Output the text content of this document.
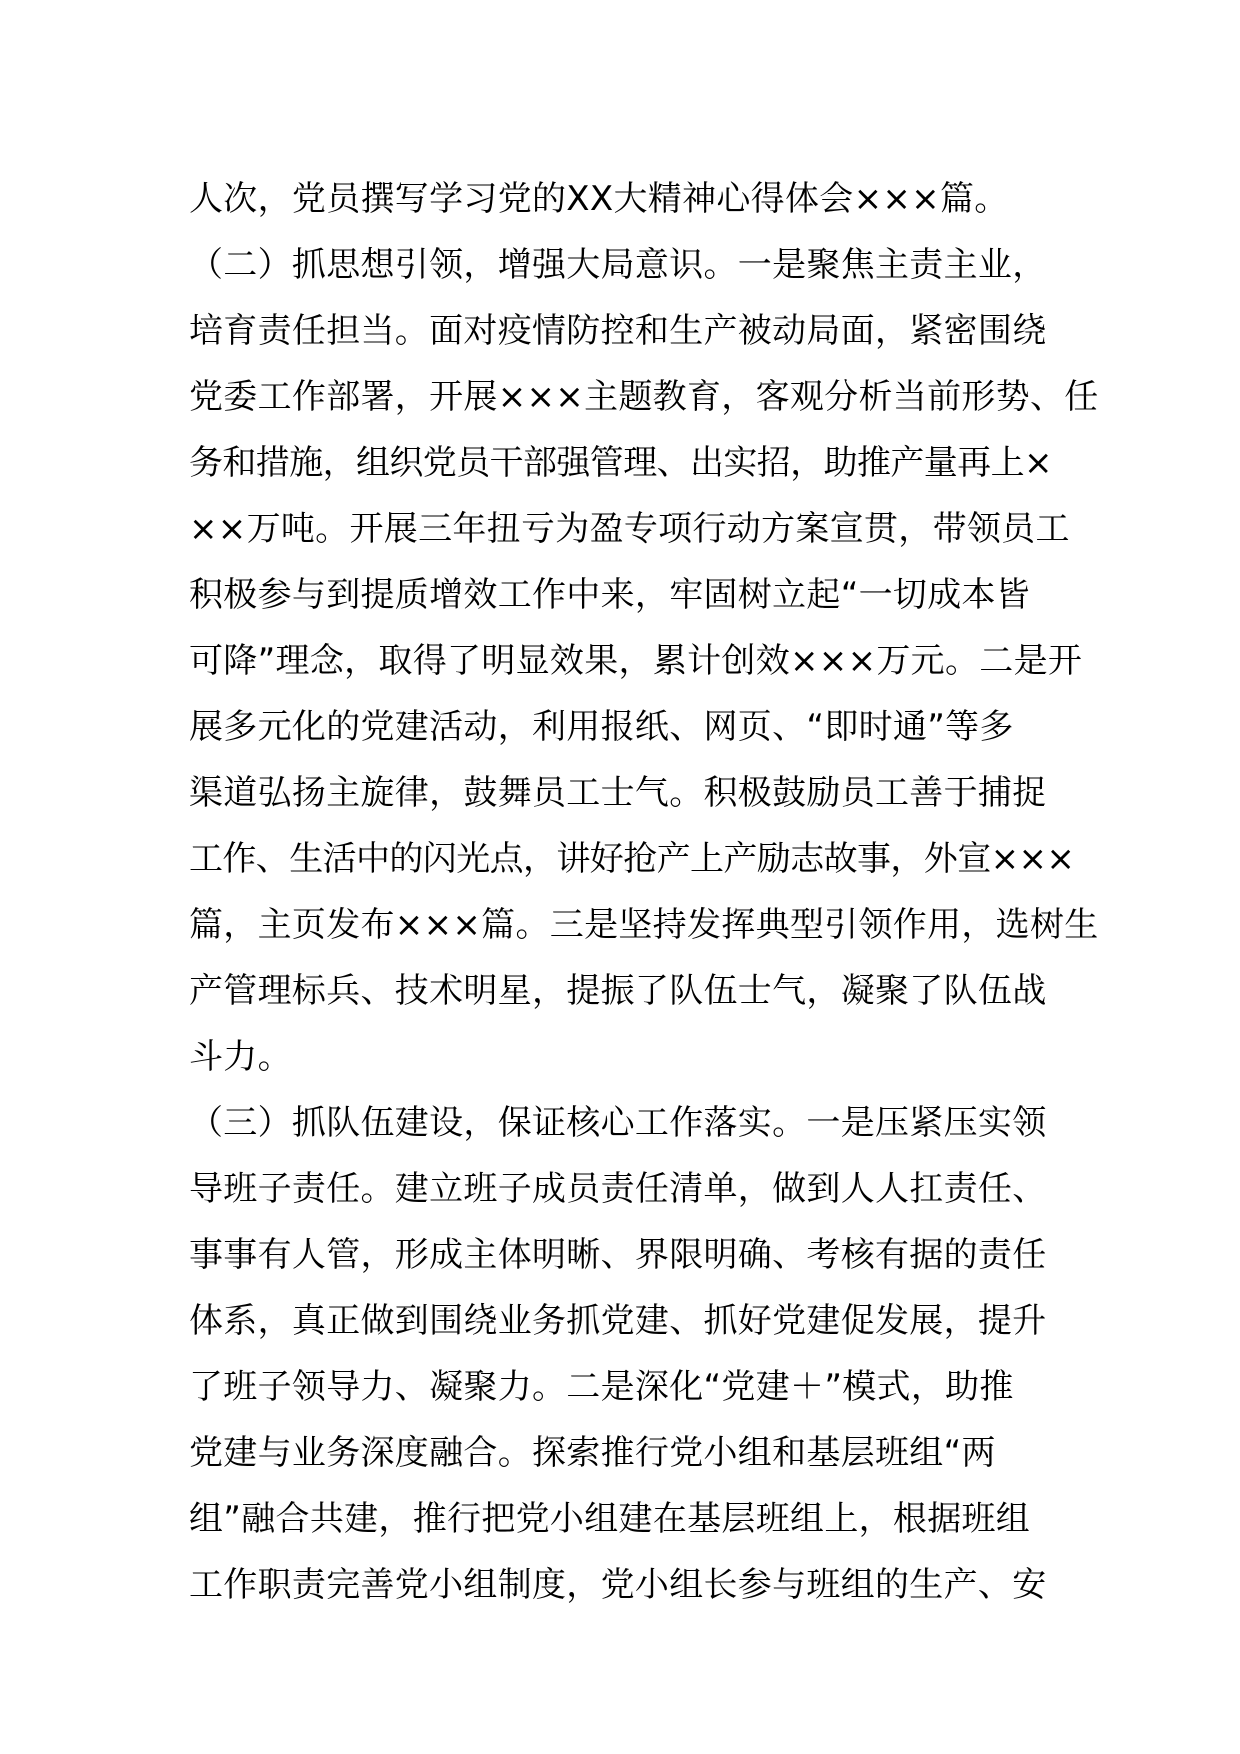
人次，党员撰写学习党的XX大精神心得体会×××篇。
（二）抓思想引领，增强大局意识。一是聚焦主责主业，
培育责任担当。面对疫情防控和生产被动局面，紧密围绕
党委工作部署，开展×××主题教育，客观分析当前形势、任
务和措施，组织党员干部强管理、出实招，助推产量再上×
××万吨。开展三年扭亏为盈专项行动方案宣贯，带领员工
积极参与到提质增效工作中来，牢固树立起“一切成本皆
可降”理念，取得了明显效果，累计创效×××万元。二是开
展多元化的党建活动，利用报纸、网页、“即时通”等多
渠道弘扬主旋律，鼓舞员工士气。积极鼓励员工善于捕捉
工作、生活中的闪光点，讲好抢产上产励志故事，外宣×××
篇，主页发布×××篇。三是坚持发挥典型引领作用，选树生
产管理标兵、技术明星，提振了队伍士气，凝聚了队伍战
斗力。
（三）抓队伍建设，保证核心工作落实。一是压紧压实领
导班子责任。建立班子成员责任清单，做到人人扛责任、
事事有人管，形成主体明晰、界限明确、考核有据的责任
体系，真正做到围绕业务抓党建、抓好党建促发展，提升
了班子领导力、凝聚力。二是深化“党建＋”模式，助推
党建与业务深度融合。探索推行党小组和基层班组“两
组”融合共建，推行把党小组建在基层班组上，根据班组
工作职责完善党小组制度，党小组长参与班组的生产、安
